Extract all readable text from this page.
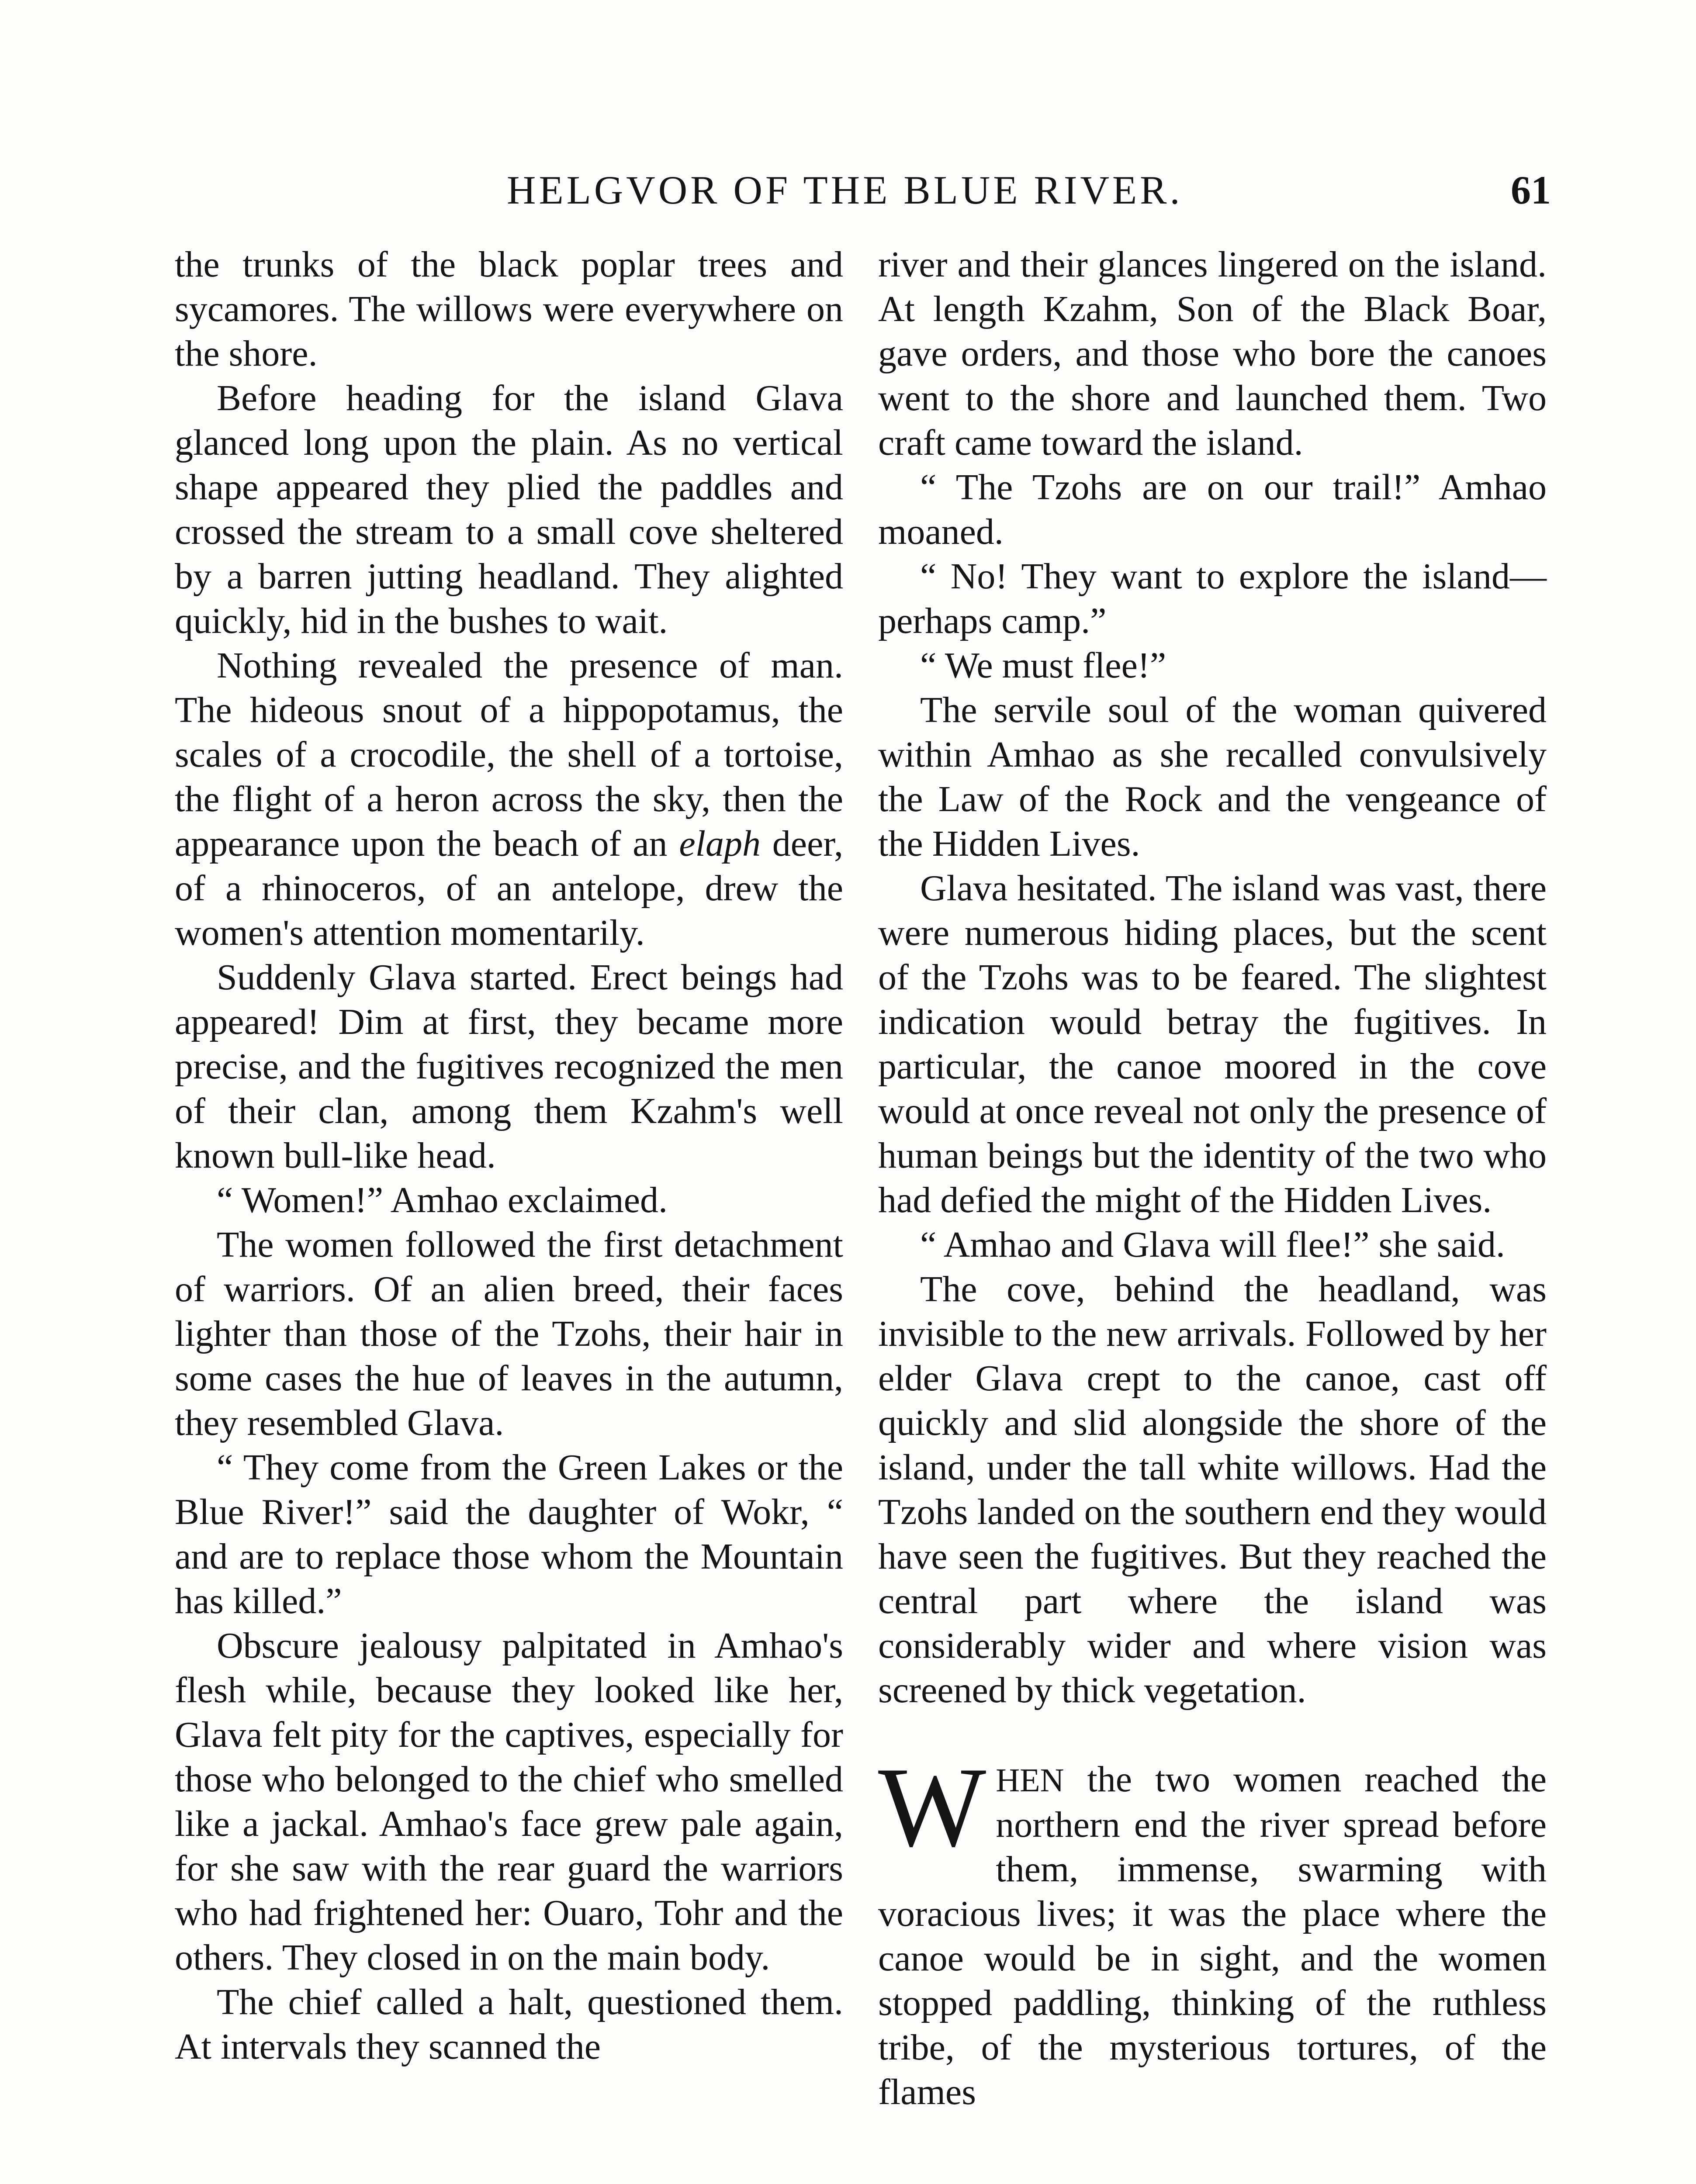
HELGVOR OF THE BLUE RIVER.	61

the trunks of the black poplar trees and sycamores. The willows were everywhere on the shore.

Before heading for the island Glava glanced long upon the plain. As no vertical shape appeared they plied the paddles and crossed the stream to a small cove sheltered by a barren jutting headland. They alighted quickly, hid in the bushes to wait.

Nothing revealed the presence of man. The hideous snout of a hippopotamus, the scales of a crocodile, the shell of a tortoise, the flight of a heron across the sky, then the appearance upon the beach of an elaph deer, of a rhinoceros, of an antelope, drew the women's attention momentarily.

Suddenly Glava started. Erect beings had appeared! Dim at first, they became more precise, and the fugitives recognized the men of their clan, among them Kzahm's well known bull-like head.

“ Women!” Amhao exclaimed.

The women followed the first detachment of warriors. Of an alien breed, their faces lighter than those of the Tzohs, their hair in some cases the hue of leaves in the autumn, they resembled Glava.

“ They come from the Green Lakes or the Blue River!” said the daughter of Wokr, “ and are to replace those whom the Mountain has killed.”

Obscure jealousy palpitated in Amhao's flesh while, because they looked like her, Glava felt pity for the captives, especially for those who belonged to the chief who smelled like a jackal. Amhao's face grew pale again, for she saw with the rear guard the warriors who had frightened her: Ouaro, Tohr and the others. They closed in on the main body.

The chief called a halt, questioned them. At intervals they scanned the

river and their glances lingered on the island. At length Kzahm, Son of the Black Boar, gave orders, and those who bore the canoes went to the shore and launched them. Two craft came toward the island.

“ The Tzohs are on our trail!” Amhao moaned.

“ No! They want to explore the island—perhaps camp.”

“ We must flee!”

The servile soul of the woman quivered within Amhao as she recalled convulsively the Law of the Rock and the vengeance of the Hidden Lives.

Glava hesitated. The island was vast, there were numerous hiding places, but the scent of the Tzohs was to be feared. The slightest indication would betray the fugitives. In particular, the canoe moored in the cove would at once reveal not only the presence of human beings but the identity of the two who had defied the might of the Hidden Lives.

“ Amhao and Glava will flee!” she said.

The cove, behind the headland, was invisible to the new arrivals. Followed by her elder Glava crept to the canoe, cast off quickly and slid alongside the shore of the island, under the tall white willows. Had the Tzohs landed on the southern end they would have seen the fugitives. But they reached the central part where the island was considerably wider and where vision was screened by thick vegetation.

WHEN the two women reached the northern end the river spread before them, immense, swarming with voracious lives; it was the place where the canoe would be in sight, and the women stopped paddling, thinking of the ruthless tribe, of the mysterious tortures, of the flames
